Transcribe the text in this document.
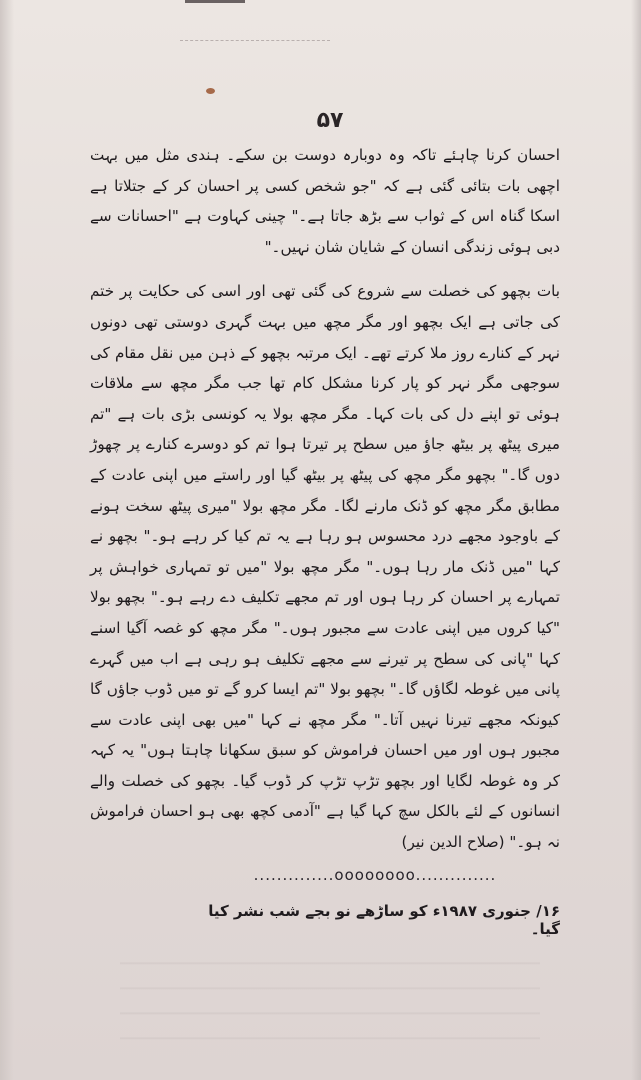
۵۷

احسان کرنا چاہئے تاکہ وہ دوبارہ دوست بن سکے۔ ہندی مثل میں بہت اچھی بات بتائی گئی ہے کہ "جو شخص کسی پر احسان کر کے جتلاتا ہے اسکا گناہ اس کے ثواب سے بڑھ جاتا ہے۔" چینی کہاوت ہے "احسانات سے دبی ہوئی زندگی انسان کے شایان شان نہیں۔"

بات بچھو کی خصلت سے شروع کی گئی تھی اور اسی کی حکایت پر ختم کی جاتی ہے ایک بچھو اور مگر مچھ میں بہت گہری دوستی تھی دونوں نہر کے کنارے روز ملا کرتے تھے۔ ایک مرتبہ بچھو کے ذہن میں نقل مقام کی سوجھی مگر نہر کو پار کرنا مشکل کام تھا جب مگر مچھ سے ملاقات ہوئی تو اپنے دل کی بات کہا۔ مگر مچھ بولا یہ کونسی بڑی بات ہے "تم میری پیٹھ پر بیٹھ جاؤ میں سطح پر تیرتا ہوا تم کو دوسرے کنارے پر چھوڑ دوں گا۔" بچھو مگر مچھ کی پیٹھ پر بیٹھ گیا اور راستے میں اپنی عادت کے مطابق مگر مچھ کو ڈنک مارنے لگا۔ مگر مچھ بولا "میری پیٹھ سخت ہونے کے باوجود مجھے درد محسوس ہو رہا ہے یہ تم کیا کر رہے ہو۔" بچھو نے کہا "میں ڈنک مار رہا ہوں۔" مگر مچھ بولا "میں تو تمہاری خواہش پر تمہارے پر احسان کر رہا ہوں اور تم مجھے تکلیف دے رہے ہو۔" بچھو بولا "کیا کروں میں اپنی عادت سے مجبور ہوں۔" مگر مچھ کو غصہ آگیا اسنے کہا "پانی کی سطح پر تیرنے سے مجھے تکلیف ہو رہی ہے اب میں گہرے پانی میں غوطہ لگاؤں گا۔" بچھو بولا "تم ایسا کرو گے تو میں ڈوب جاؤں گا کیونکہ مجھے تیرنا نہیں آتا۔" مگر مچھ نے کہا "میں بھی اپنی عادت سے مجبور ہوں اور میں احسان فراموش کو سبق سکھانا چاہتا ہوں" یہ کہہ کر وہ غوطہ لگایا اور بچھو تڑپ تڑپ کر ڈوب گیا۔ بچھو کی خصلت والے انسانوں کے لئے بالکل سچ کہا گیا ہے "آدمی کچھ بھی ہو احسان فراموش نہ ہو۔" (صلاح الدین نیر)

..............oooooooo..............
۱۶/ جنوری ۱۹۸۷ء کو ساڑھے نو بجے شب نشر کیا گیا۔
